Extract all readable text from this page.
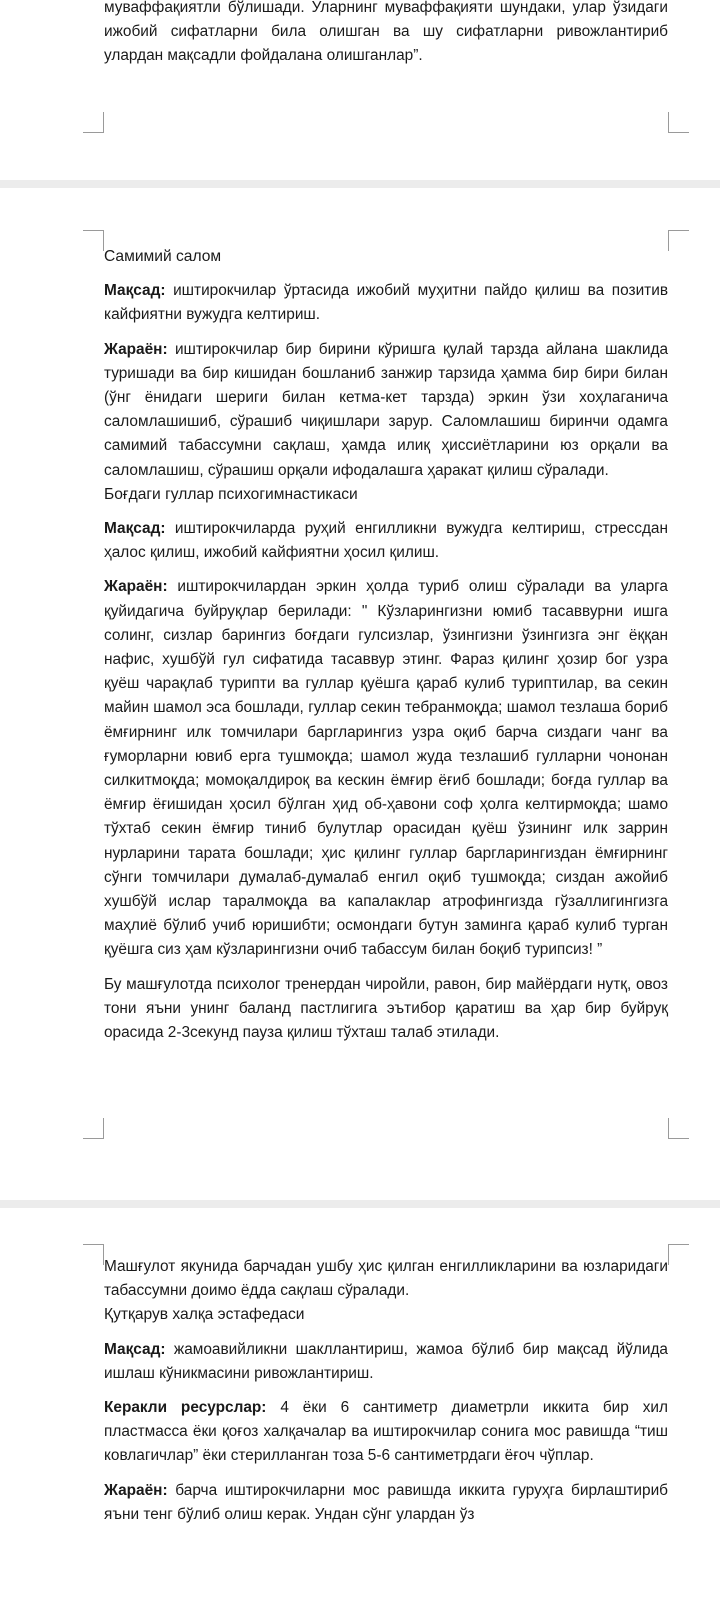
муваффақиятли бўлишади. Уларнинг муваффақияти шундаки, улар ўзидаги ижобий сифатларни била олишган ва шу сифатларни ривожлантириб улардан мақсадли фойдалана олишганлар”.

Самимий салом

Мақсад: иштирокчилар ўртасида ижобий муҳитни пайдо қилиш ва позитив кайфиятни вужудга келтириш.

Жараён: иштирокчилар бир бирини кўришга қулай тарзда айлана шаклида туришади ва бир кишидан бошланиб занжир тарзида ҳамма бир бири билан (ўнг ёнидаги шериги билан кетма-кет тарзда) эркин ўзи хоҳлаганича саломлашишиб, сўрашиб чиқишлари зарур. Саломлашиш биринчи одамга самимий табассумни сақлаш, ҳамда илиқ ҳиссиётларини юз орқали ва саломлашиш, сўрашиш орқали ифодалашга ҳаракат қилиш сўралади.

Боғдаги гуллар психогимнастикаси

Мақсад: иштирокчиларда руҳий енгилликни вужудга келтириш, стрессдан ҳалос қилиш, ижобий кайфиятни ҳосил қилиш.

Жараён: иштирокчилардан эркин ҳолда туриб олиш сўралади ва уларга қуйидагича буйруқлар берилади: " Кўзларингизни юмиб тасаввурни ишга солинг, сизлар барингиз боғдаги гулсизлар, ўзингизни ўзингизга энг ёққан нафис, хушбўй гул сифатида тасаввур этинг. Фараз қилинг ҳозир бог узра қуёш чарақлаб турипти ва гуллар қуёшга қараб кулиб туриптилар, ва секин майин шамол эса бошлади, гуллар секин тебранмоқда; шамол тезлаша бориб ёмғирнинг илк томчилари баргларингиз узра оқиб барча сиздаги чанг ва ғуморларни ювиб ерга тушмоқда; шамол жуда тезлашиб гулларни чононан силкитмоқда; момоқалдироқ ва кескин ёмғир ёғиб бошлади; боғда гуллар ва ёмғир ёғишидан ҳосил бўлган ҳид об-ҳавони соф ҳолга келтирмоқда; шамо тўхтаб секин ёмғир тиниб булутлар орасидан қуёш ўзининг илк заррин нурларини тарата бошлади; ҳис қилинг гуллар баргларингиздан ёмғирнинг сўнги томчилари думалаб-думалаб енгил оқиб тушмоқда; сиздан ажойиб хушбўй ислар таралмоқда ва капалаклар атрофингизда гўзаллигингизга маҳлиё бўлиб учиб юришибти; осмондаги бутун заминга қараб кулиб турган қуёшга сиз ҳам кўзларингизни очиб табассум билан боқиб турипсиз! ”

Бу машғулотда психолог тренердан чиройли, равон, бир майёрдаги нутқ, овоз тони яъни унинг баланд пастлигига эътибор қаратиш ва ҳар бир буйруқ орасида 2-3секунд пауза қилиш тўхташ талаб этилади.

Машғулот якунида барчадан ушбу ҳис қилган енгилликларини ва юзларидаги табассумни доимо ёдда сақлаш сўралади.

Қутқарув халқа эстафедаси

Мақсад: жамоавийликни шакллантириш, жамоа бўлиб бир мақсад йўлида ишлаш кўникмасини ривожлантириш.

Керакли ресурслар: 4 ёки 6 сантиметр диаметрли иккита бир хил пластмасса ёки қоғоз халқачалар ва иштирокчилар сонига мос равишда “тиш ковлагичлар” ёки стерилланган тоза 5-6 сантиметрдаги ёғоч чўплар.

Жараён: барча иштирокчиларни мос равишда иккита гуруҳга бирлаштириб яъни тенг бўлиб олиш керак. Ундан сўнг улардан ўз
